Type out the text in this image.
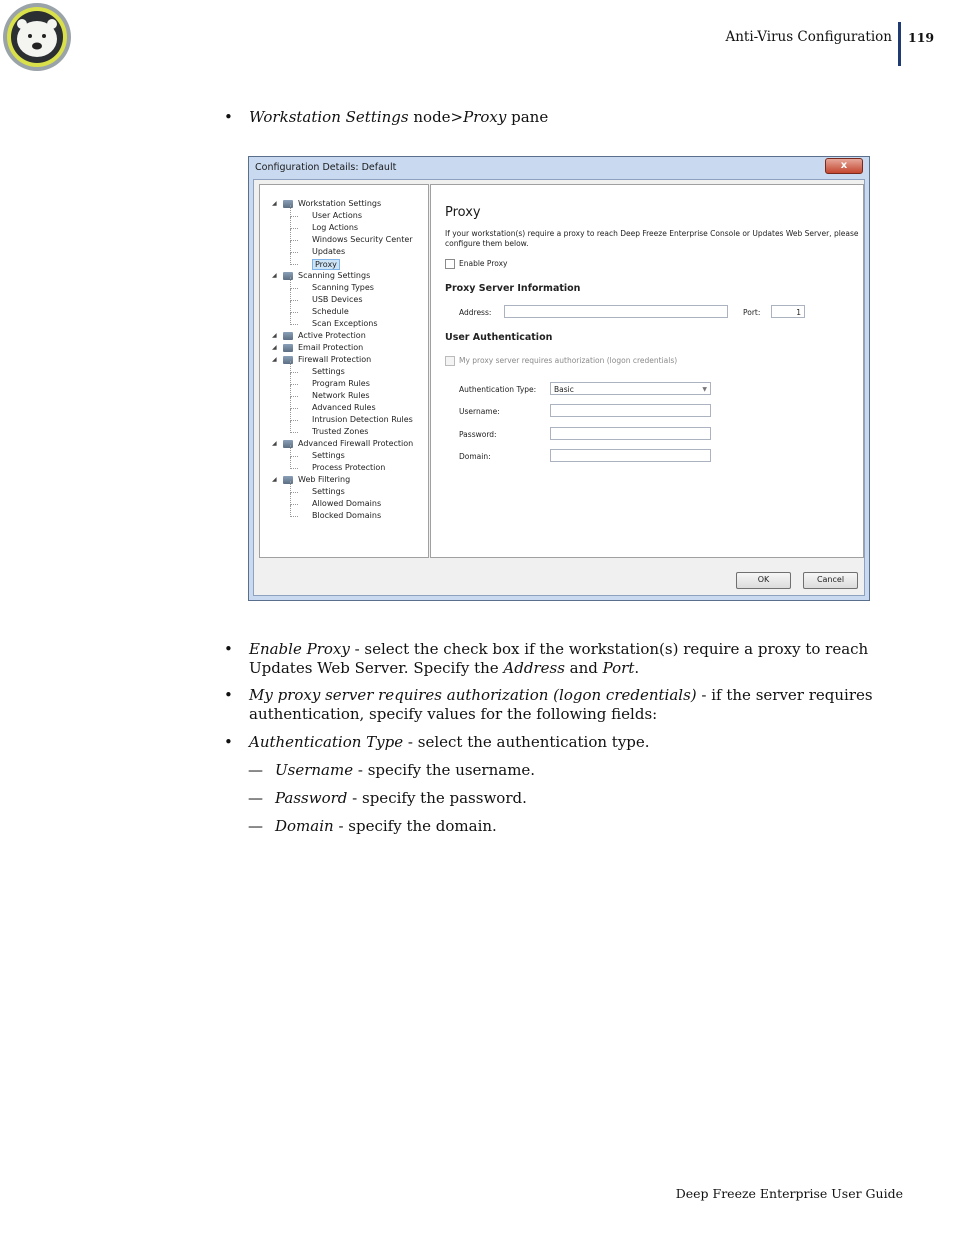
Anti-Virus Configuration 119
• Workstation Settings node>Proxy pane
Configuration Details: Default	x
◢	Workstation Settings
User Actions
Log Actions
Windows Security Center
Updates
Proxy
◢	Scanning Settings
Scanning Types
USB Devices
Schedule
Scan Exceptions
◢	Active Protection
◢	Email Protection
◢	Firewall Protection
Settings
Program Rules
Network Rules
Advanced Rules
Intrusion Detection Rules
Trusted Zones
◢	Advanced Firewall Protection
Settings
Process Protection
◢	Web Filtering
Settings
Allowed Domains
Blocked Domains
Proxy
If your workstation(s) require a proxy to reach Deep Freeze Enterprise Console or Updates Web Server, please
configure them below.
Enable Proxy
Proxy Server Information
Address:	Port:	1
User Authentication
My proxy server requires authorization (logon credentials)
Authentication Type:	Basic	▼
Username:
Password:
Domain:
OK	Cancel
• Enable Proxy - select the check box if the workstation(s) require a proxy to reach Updates Web Server. Specify the Address and Port.
• My proxy server requires authorization (logon credentials) - if the server requires authentication, specify values for the following fields:
• Authentication Type - select the authentication type.
— Username - specify the username.
— Password - specify the password.
— Domain - specify the domain.
Deep Freeze Enterprise User Guide
